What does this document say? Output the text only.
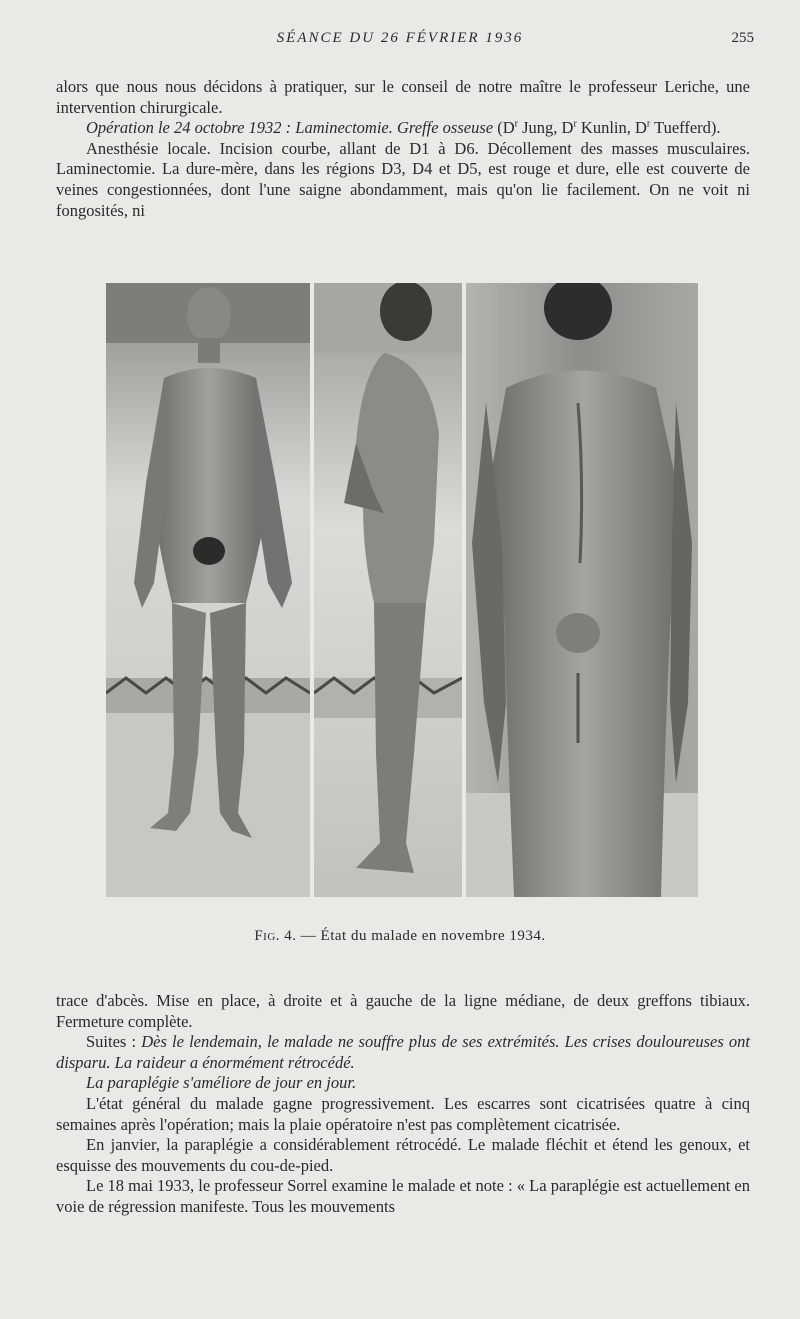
SÉANCE DU 26 FÉVRIER 1936	255

alors que nous nous décidons à pratiquer, sur le conseil de notre maître le professeur Leriche, une intervention chirurgicale.

Opération le 24 octobre 1932 : Laminectomie. Greffe osseuse ($D^r$ Jung, $D^r$ Kunlin, $D^r$ Tuefferd).

Anesthésie locale. Incision courbe, allant de D1 à D6. Décollement des masses musculaires. Laminectomie. La dure-mère, dans les régions D3, D4 et D5, est rouge et dure, elle est couverte de veines congestionnées, dont l'une saigne abondamment, mais qu'on lie facilement. On ne voit ni fongosités, ni

Fig. 4. — État du malade en novembre 1934.

trace d'abcès. Mise en place, à droite et à gauche de la ligne médiane, de deux greffons tibiaux. Fermeture complète.

Suites : Dès le lendemain, le malade ne souffre plus de ses extrémités. Les crises douloureuses ont disparu. La raideur a énormément rétrocédé.

La paraplégie s'améliore de jour en jour.

L'état général du malade gagne progressivement. Les escarres sont cicatrisées quatre à cinq semaines après l'opération; mais la plaie opératoire n'est pas complètement cicatrisée.

En janvier, la paraplégie a considérablement rétrocédé. Le malade fléchit et étend les genoux, et esquisse des mouvements du cou-de-pied.

Le 18 mai 1933, le professeur Sorrel examine le malade et note : « La paraplégie est actuellement en voie de régression manifeste. Tous les mouvements
